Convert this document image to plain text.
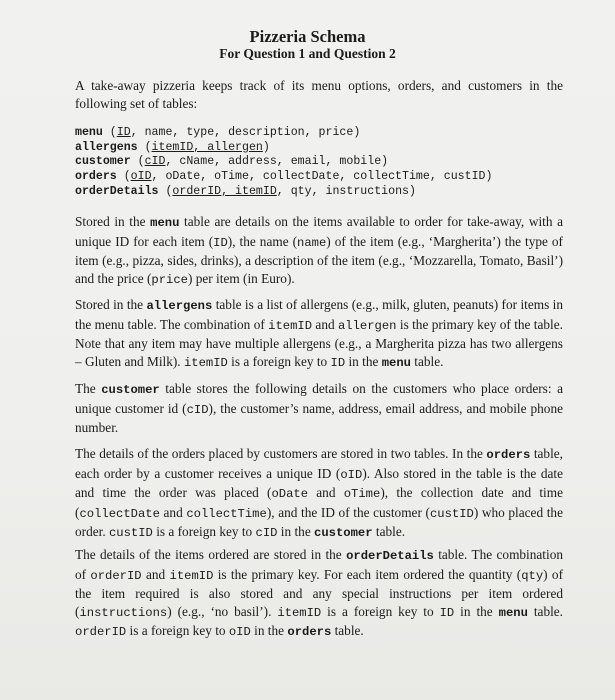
Pizzeria Schema
For Question 1 and Question 2
A take-away pizzeria keeps track of its menu options, orders, and customers in the following set of tables:
menu (ID, name, type, description, price)
allergens (itemID, allergen)
customer (cID, cName, address, email, mobile)
orders (oID, oDate, oTime, collectDate, collectTime, custID)
orderDetails (orderID, itemID, qty, instructions)
Stored in the menu table are details on the items available to order for take-away, with a unique ID for each item (ID), the name (name) of the item (e.g., ‘Margherita’) the type of item (e.g., pizza, sides, drinks), a description of the item (e.g., ‘Mozzarella, Tomato, Basil’) and the price (price) per item (in Euro).
Stored in the allergens table is a list of allergens (e.g., milk, gluten, peanuts) for items in the menu table. The combination of itemID and allergen is the primary key of the table. Note that any item may have multiple allergens (e.g., a Margherita pizza has two allergens – Gluten and Milk). itemID is a foreign key to ID in the menu table.
The customer table stores the following details on the customers who place orders: a unique customer id (cID), the customer’s name, address, email address, and mobile phone number.
The details of the orders placed by customers are stored in two tables. In the orders table, each order by a customer receives a unique ID (oID). Also stored in the table is the date and time the order was placed (oDate and oTime), the collection date and time (collectDate and collectTime), and the ID of the customer (custID) who placed the order. custID is a foreign key to cID in the customer table.
The details of the items ordered are stored in the orderDetails table. The combination of orderID and itemID is the primary key. For each item ordered the quantity (qty) of the item required is also stored and any special instructions per item ordered (instructions) (e.g., ‘no basil’). itemID is a foreign key to ID in the menu table. orderID is a foreign key to oID in the orders table.
